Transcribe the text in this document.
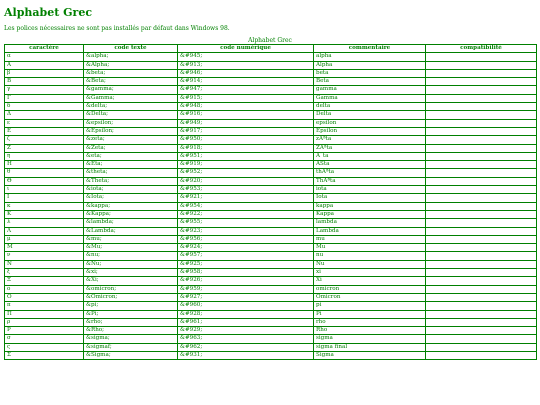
Alphabet Grec

Les polices nécessaires ne sont pas installés par défaut dans Windows 98.

Alphabet Grec
caractère	code texte	code numérique	commentaire	compatibilité
α	&alpha;	&#945;	alpha	
Α	&Alpha;	&#913;	Alpha	
β	&beta;	&#946;	beta	
Β	&Beta;	&#914;	Beta	
γ	&gamma;	&#947;	gamma	
Γ	&Gamma;	&#915;	Gamma	
δ	&delta;	&#948;	delta	
Δ	&Delta;	&#916;	Delta	
ε	&epsilon;	&#949;	epsilon	
Ε	&Epsilon;	&#917;	Epsilon	
ζ	&zeta;	&#950;	zÃªta	
Ζ	&Zeta;	&#918;	ZÃªta	
η	&eta;	&#951;	Ã¨ta	
Η	&Eta;	&#919;	ÃŠta	
θ	&theta;	&#952;	thÃªta	
Θ	&Theta;	&#920;	ThÃªta	
ι	&iota;	&#953;	iota	
Ι	&Iota;	&#921;	Iota	
κ	&kappa;	&#954;	kappa	
Κ	&Kappa;	&#922;	Kappa	
λ	&lambda;	&#955;	lambda	
Λ	&Lambda;	&#923;	Lambda	
μ	&mu;	&#956;	mu	
Μ	&Mu;	&#924;	Mu	
ν	&nu;	&#957;	nu	
Ν	&Nu;	&#925;	Nu	
ξ	&xi;	&#958;	xi	
Ξ	&Xi;	&#926;	Xi	
ο	&omicron;	&#959;	omicron	
Ο	&Omicron;	&#927;	Omicron	
π	&pi;	&#960;	pi	
Π	&Pi;	&#928;	Pi	
ρ	&rho;	&#961;	rho	
Ρ	&Rho;	&#929;	Rho	
σ	&sigma;	&#963;	sigma	
ς	&sigmaf;	&#962;	sigma final	
Σ	&Sigma;	&#931;	Sigma	
